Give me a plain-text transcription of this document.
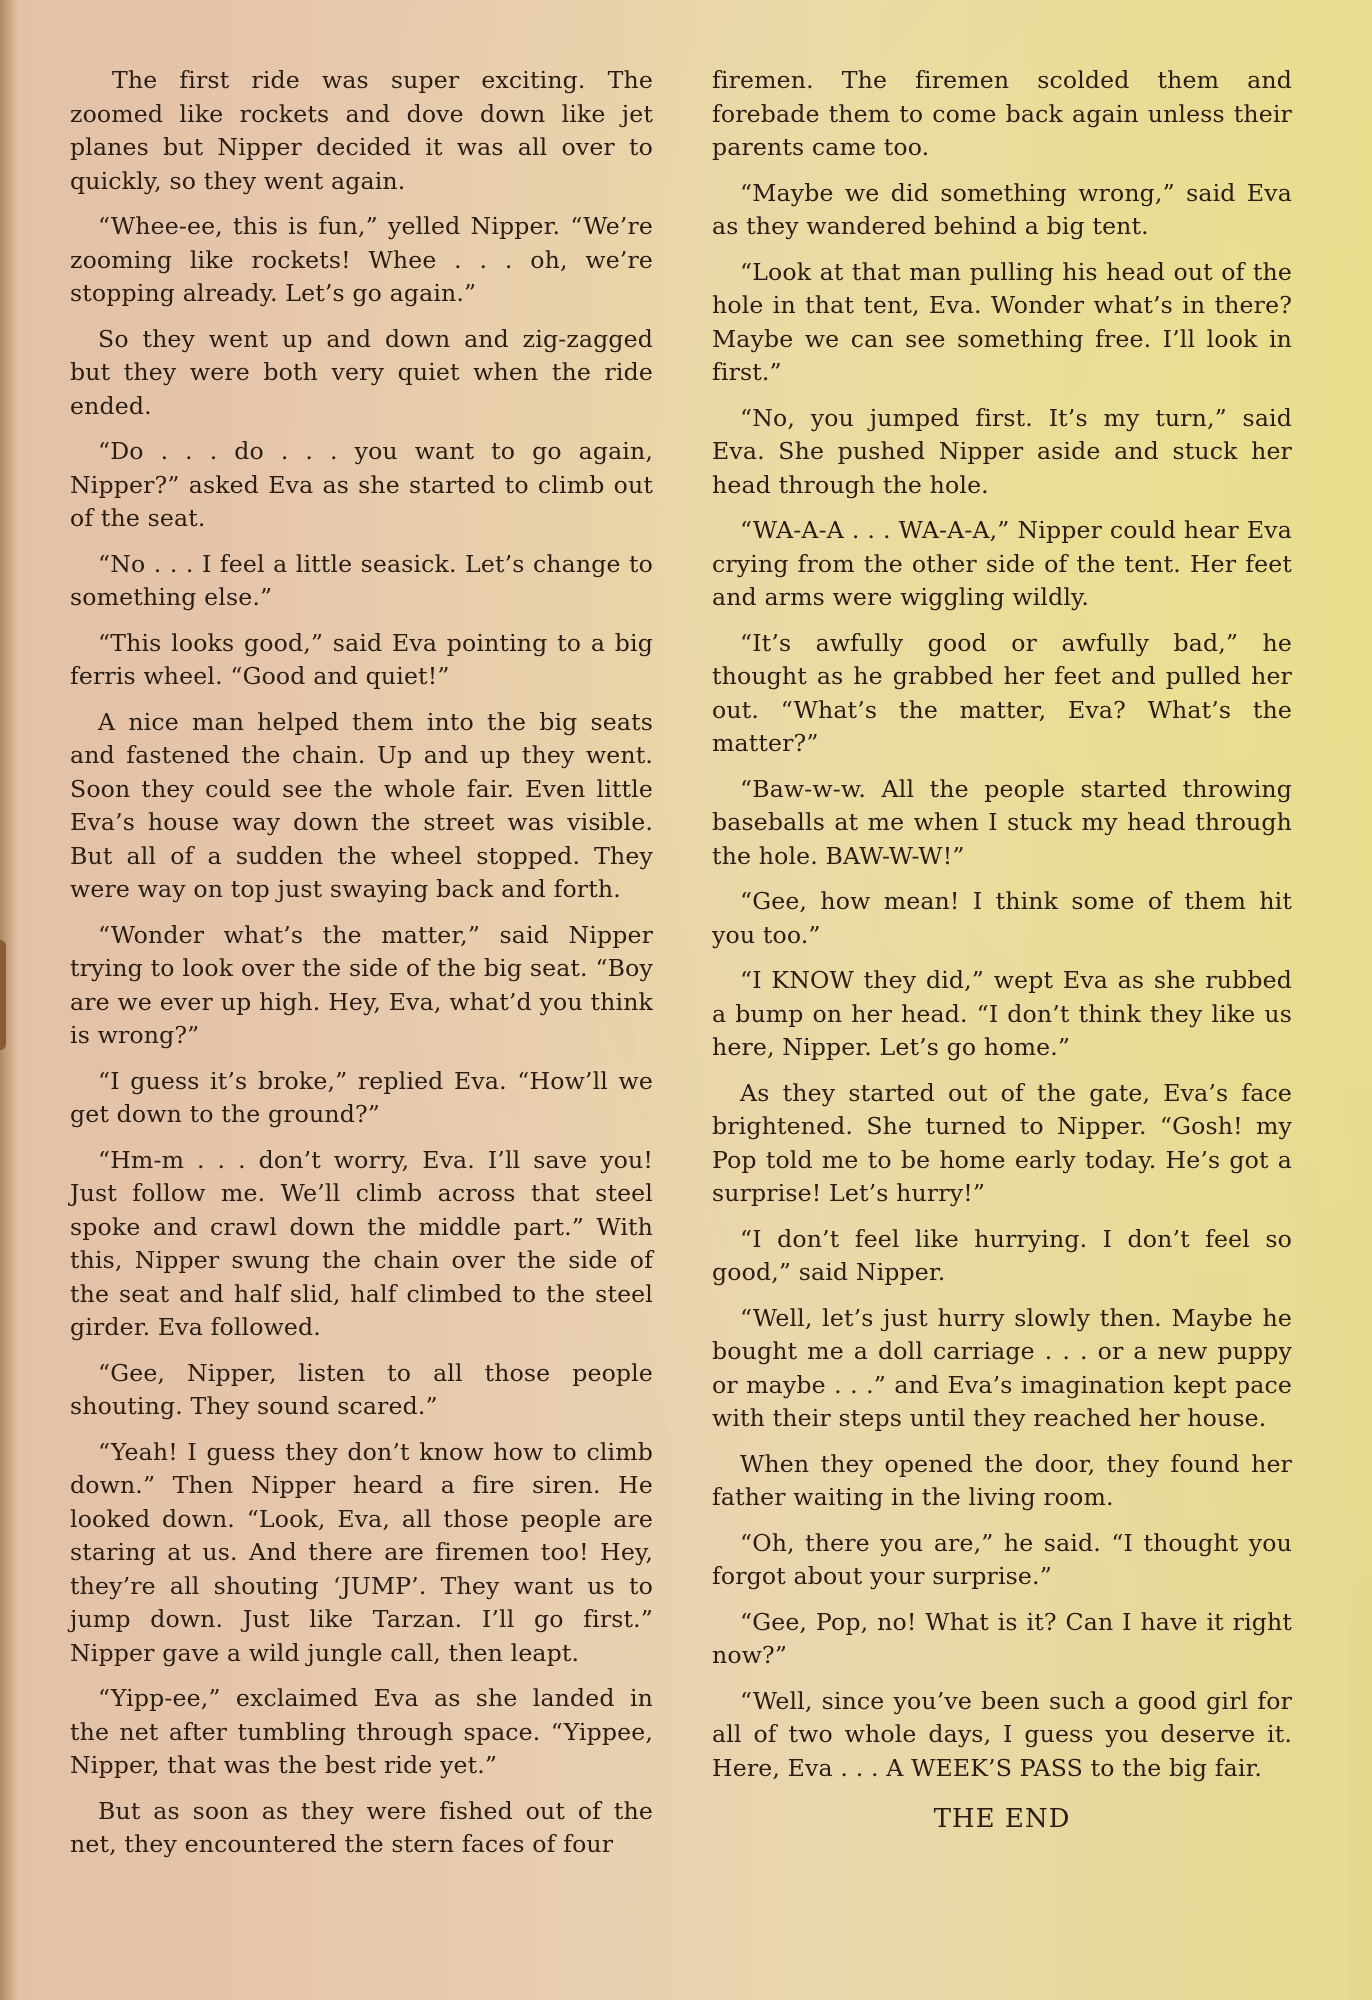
The first ride was super exciting. The zoomed like rockets and dove down like jet planes but Nipper decided it was all over to quickly, so they went again.

“Whee-ee, this is fun,” yelled Nipper. “We’re zooming like rockets! Whee . . . oh, we’re stopping already. Let’s go again.”

So they went up and down and zig-zagged but they were both very quiet when the ride ended.

“Do . . . do . . . you want to go again, Nipper?” asked Eva as she started to climb out of the seat.

“No . . . I feel a little seasick. Let’s change to something else.”

“This looks good,” said Eva pointing to a big ferris wheel. “Good and quiet!”

A nice man helped them into the big seats and fastened the chain. Up and up they went. Soon they could see the whole fair. Even little Eva’s house way down the street was visible. But all of a sudden the wheel stopped. They were way on top just swaying back and forth.

“Wonder what’s the matter,” said Nipper trying to look over the side of the big seat. “Boy are we ever up high. Hey, Eva, what’d you think is wrong?”

“I guess it’s broke,” replied Eva. “How’ll we get down to the ground?”

“Hm-m . . . don’t worry, Eva. I’ll save you! Just follow me. We’ll climb across that steel spoke and crawl down the middle part.” With this, Nipper swung the chain over the side of the seat and half slid, half climbed to the steel girder. Eva followed.

“Gee, Nipper, listen to all those people shouting. They sound scared.”

“Yeah! I guess they don’t know how to climb down.” Then Nipper heard a fire siren. He looked down. “Look, Eva, all those people are staring at us. And there are firemen too! Hey, they’re all shouting ‘JUMP’. They want us to jump down. Just like Tarzan. I’ll go first.” Nipper gave a wild jungle call, then leapt.

“Yipp-ee,” exclaimed Eva as she landed in the net after tumbling through space. “Yippee, Nipper, that was the best ride yet.”

But as soon as they were fished out of the net, they encountered the stern faces of four

firemen. The firemen scolded them and forebade them to come back again unless their parents came too.

“Maybe we did something wrong,” said Eva as they wandered behind a big tent.

“Look at that man pulling his head out of the hole in that tent, Eva. Wonder what’s in there? Maybe we can see something free. I’ll look in first.”

“No, you jumped first. It’s my turn,” said Eva. She pushed Nipper aside and stuck her head through the hole.

“WA-A-A . . . WA-A-A,” Nipper could hear Eva crying from the other side of the tent. Her feet and arms were wiggling wildly.

“It’s awfully good or awfully bad,” he thought as he grabbed her feet and pulled her out. “What’s the matter, Eva? What’s the matter?”

“Baw-w-w. All the people started throwing baseballs at me when I stuck my head through the hole. BAW-W-W!”

“Gee, how mean! I think some of them hit you too.”

“I KNOW they did,” wept Eva as she rubbed a bump on her head. “I don’t think they like us here, Nipper. Let’s go home.”

As they started out of the gate, Eva’s face brightened. She turned to Nipper. “Gosh! my Pop told me to be home early today. He’s got a surprise! Let’s hurry!”

“I don’t feel like hurrying. I don’t feel so good,” said Nipper.

“Well, let’s just hurry slowly then. Maybe he bought me a doll carriage . . . or a new puppy or maybe . . .” and Eva’s imagination kept pace with their steps until they reached her house.

When they opened the door, they found her father waiting in the living room.

“Oh, there you are,” he said. “I thought you forgot about your surprise.”

“Gee, Pop, no! What is it? Can I have it right now?”

“Well, since you’ve been such a good girl for all of two whole days, I guess you deserve it. Here, Eva . . . A WEEK’S PASS to the big fair.

THE END
